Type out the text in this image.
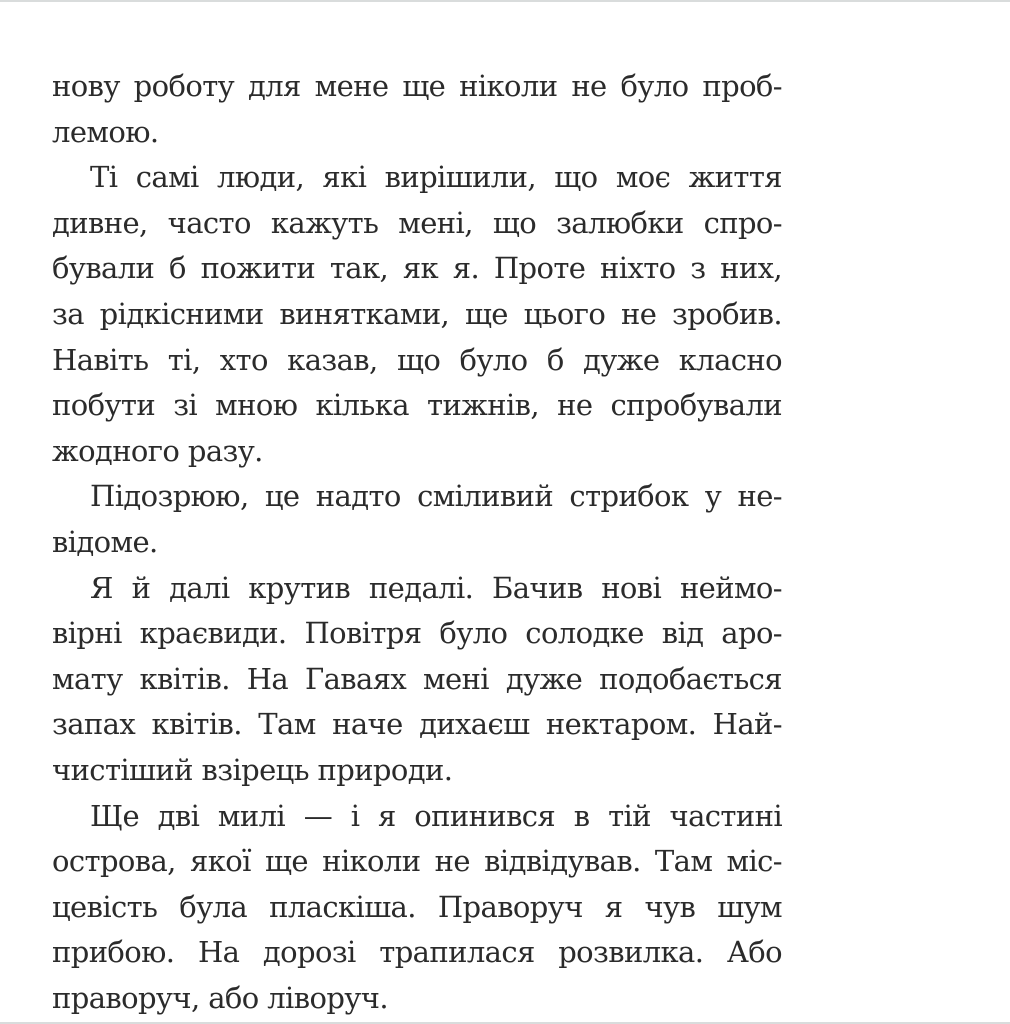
нову роботу для мене ще ніколи не було проб-
лемою.
Ті самі люди, які вирішили, що моє життя
дивне, часто кажуть мені, що залюбки спро-
бували б пожити так, як я. Проте ніхто з них,
за рідкісними винятками, ще цього не зробив.
Навіть ті, хто казав, що було б дуже класно
побути зі мною кілька тижнів, не спробували
жодного разу.
Підозрюю, це надто сміливий стрибок у не-
відоме.
Я й далі крутив педалі. Бачив нові неймо-
вірні краєвиди. Повітря було солодке від аро-
мату квітів. На Гаваях мені дуже подобається
запах квітів. Там наче дихаєш нектаром. Най-
чистіший взірець природи.
Ще дві милі — і я опинився в тій частині
острова, якої ще ніколи не відвідував. Там міс-
цевість була пласкіша. Праворуч я чув шум
прибою. На дорозі трапилася розвилка. Або
праворуч, або ліворуч.
